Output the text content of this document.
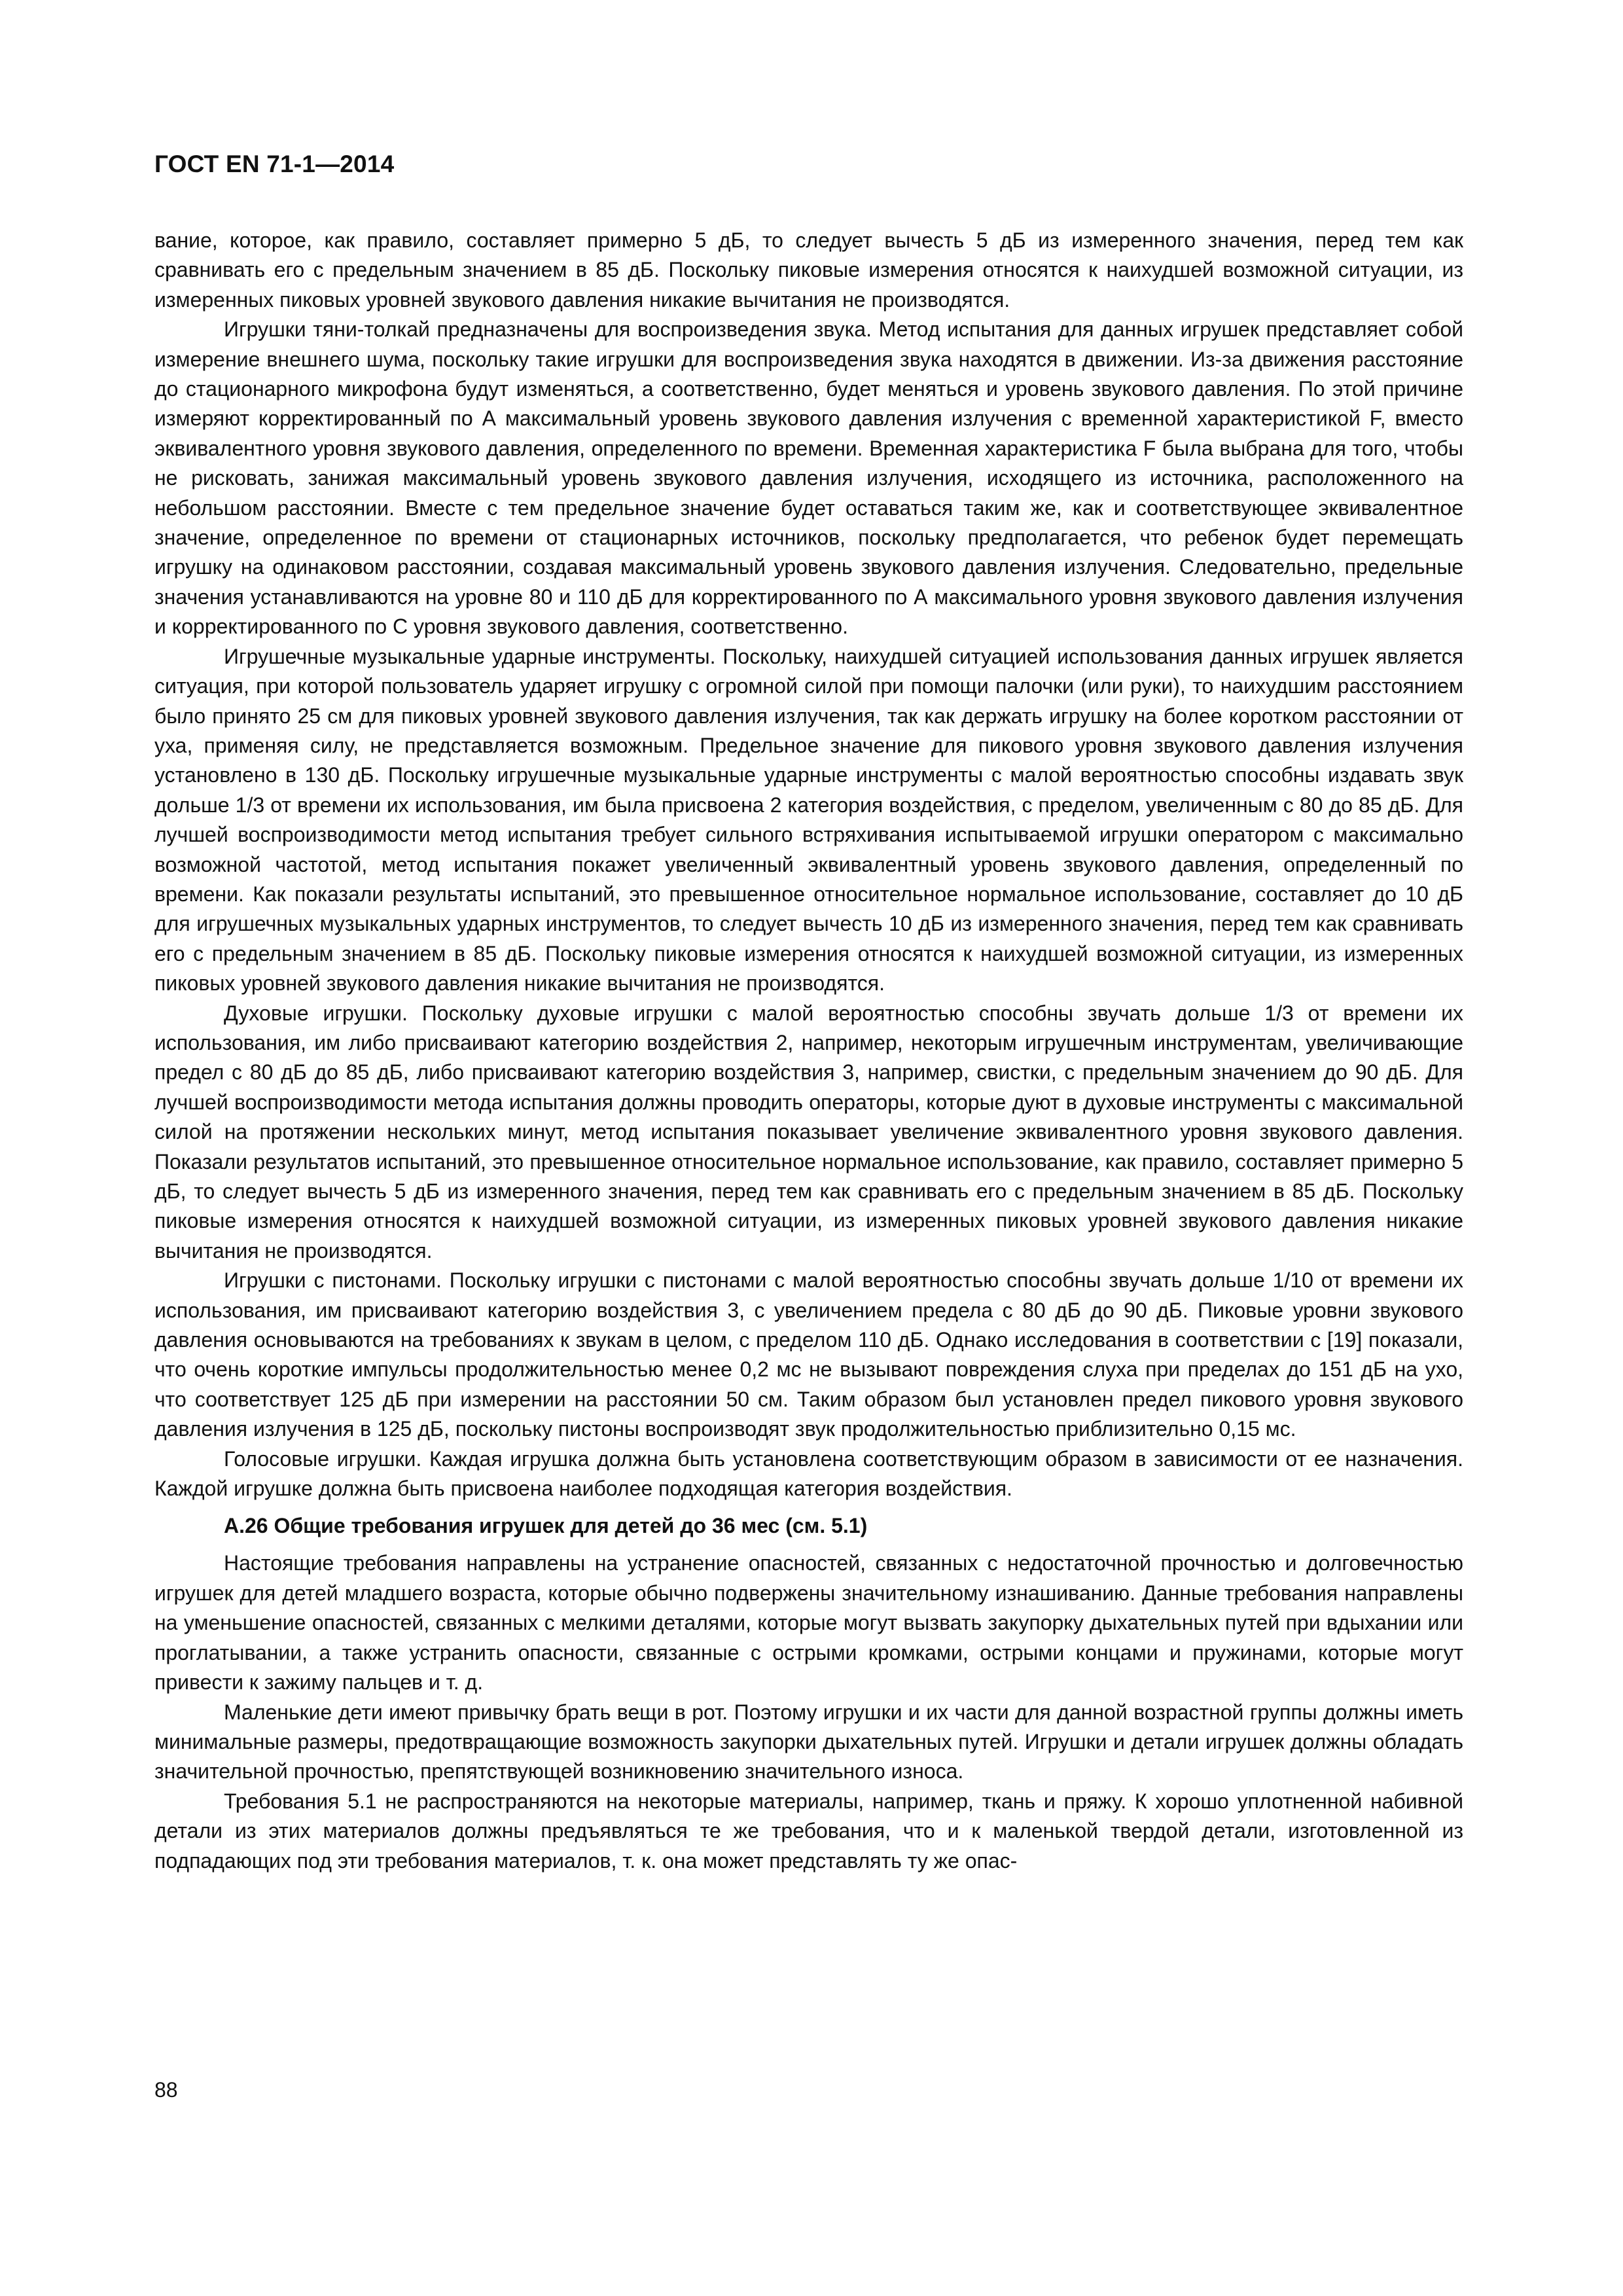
ГОСТ EN 71-1—2014

вание, которое, как правило, составляет примерно 5 дБ, то следует вычесть 5 дБ из измеренного значения, перед тем как сравнивать его с предельным значением в 85 дБ. Поскольку пиковые измерения относятся к наихудшей возможной ситуации, из измеренных пиковых уровней звукового давления никакие вычитания не производятся.

Игрушки тяни-толкай предназначены для воспроизведения звука. Метод испытания для данных игрушек представляет собой измерение внешнего шума, поскольку такие игрушки для воспроизведения звука находятся в движении. Из-за движения расстояние до стационарного микрофона будут изменяться, а соответственно, будет меняться и уровень звукового давления. По этой причине измеряют корректированный по А максимальный уровень звукового давления излучения с временной характеристикой F, вместо эквивалентного уровня звукового давления, определенного по времени. Временная характеристика F была выбрана для того, чтобы не рисковать, занижая максимальный уровень звукового давления излучения, исходящего из источника, расположенного на небольшом расстоянии. Вместе с тем предельное значение будет оставаться таким же, как и соответствующее эквивалентное значение, определенное по времени от стационарных источников, поскольку предполагается, что ребенок будет перемещать игрушку на одинаковом расстоянии, создавая максимальный уровень звукового давления излучения. Следовательно, предельные значения устанавливаются на уровне 80 и 110 дБ для корректированного по А максимального уровня звукового давления излучения и корректированного по С уровня звукового давления, соответственно.

Игрушечные музыкальные ударные инструменты. Поскольку, наихудшей ситуацией использования данных игрушек является ситуация, при которой пользователь ударяет игрушку с огромной силой при помощи палочки (или руки), то наихудшим расстоянием было принято 25 см для пиковых уровней звукового давления излучения, так как держать игрушку на более коротком расстоянии от уха, применяя силу, не представляется возможным. Предельное значение для пикового уровня звукового давления излучения установлено в 130 дБ. Поскольку игрушечные музыкальные ударные инструменты с малой вероятностью способны издавать звук дольше 1/3 от времени их использования, им была присвоена 2 категория воздействия, с пределом, увеличенным с 80 до 85 дБ. Для лучшей воспроизводимости метод испытания требует сильного встряхивания испытываемой игрушки оператором с максимально возможной частотой, метод испытания покажет увеличенный эквивалентный уровень звукового давления, определенный по времени. Как показали результаты испытаний, это превышенное относительное нормальное использование, составляет до 10 дБ для игрушечных музыкальных ударных инструментов, то следует вычесть 10 дБ из измеренного значения, перед тем как сравнивать его с предельным значением в 85 дБ. Поскольку пиковые измерения относятся к наихудшей возможной ситуации, из измеренных пиковых уровней звукового давления никакие вычитания не производятся.

Духовые игрушки. Поскольку духовые игрушки с малой вероятностью способны звучать дольше 1/3 от времени их использования, им либо присваивают категорию воздействия 2, например, некоторым игрушечным инструментам, увеличивающие предел с 80 дБ до 85 дБ, либо присваивают категорию воздействия 3, например, свистки, с предельным значением до 90 дБ. Для лучшей воспроизводимости метода испытания должны проводить операторы, которые дуют в духовые инструменты с максимальной силой на протяжении нескольких минут, метод испытания показывает увеличение эквивалентного уровня звукового давления. Показали результатов испытаний, это превышенное относительное нормальное использование, как правило, составляет примерно 5 дБ, то следует вычесть 5 дБ из измеренного значения, перед тем как сравнивать его с предельным значением в 85 дБ. Поскольку пиковые измерения относятся к наихудшей возможной ситуации, из измеренных пиковых уровней звукового давления никакие вычитания не производятся.

Игрушки с пистонами. Поскольку игрушки с пистонами с малой вероятностью способны звучать дольше 1/10 от времени их использования, им присваивают категорию воздействия 3, с увеличением предела с 80 дБ до 90 дБ. Пиковые уровни звукового давления основываются на требованиях к звукам в целом, с пределом 110 дБ. Однако исследования в соответствии с [19] показали, что очень короткие импульсы продолжительностью менее 0,2 мс не вызывают повреждения слуха при пределах до 151 дБ на ухо, что соответствует 125 дБ при измерении на расстоянии 50 см. Таким образом был установлен предел пикового уровня звукового давления излучения в 125 дБ, поскольку пистоны воспроизводят звук продолжительностью приблизительно 0,15 мс.

Голосовые игрушки. Каждая игрушка должна быть установлена соответствующим образом в зависимости от ее назначения. Каждой игрушке должна быть присвоена наиболее подходящая категория воздействия.

А.26 Общие требования игрушек для детей до 36 мес (см. 5.1)

Настоящие требования направлены на устранение опасностей, связанных с недостаточной прочностью и долговечностью игрушек для детей младшего возраста, которые обычно подвержены значительному изнашиванию. Данные требования направлены на уменьшение опасностей, связанных с мелкими деталями, которые могут вызвать закупорку дыхательных путей при вдыхании или проглатывании, а также устранить опасности, связанные с острыми кромками, острыми концами и пружинами, которые могут привести к зажиму пальцев и т. д.

Маленькие дети имеют привычку брать вещи в рот. Поэтому игрушки и их части для данной возрастной группы должны иметь минимальные размеры, предотвращающие возможность закупорки дыхательных путей. Игрушки и детали игрушек должны обладать значительной прочностью, препятствующей возникновению значительного износа.

Требования 5.1 не распространяются на некоторые материалы, например, ткань и пряжу. К хорошо уплотненной набивной детали из этих материалов должны предъявляться те же требования, что и к маленькой твердой детали, изготовленной из подпадающих под эти требования материалов, т. к. она может представлять ту же опас-

88
